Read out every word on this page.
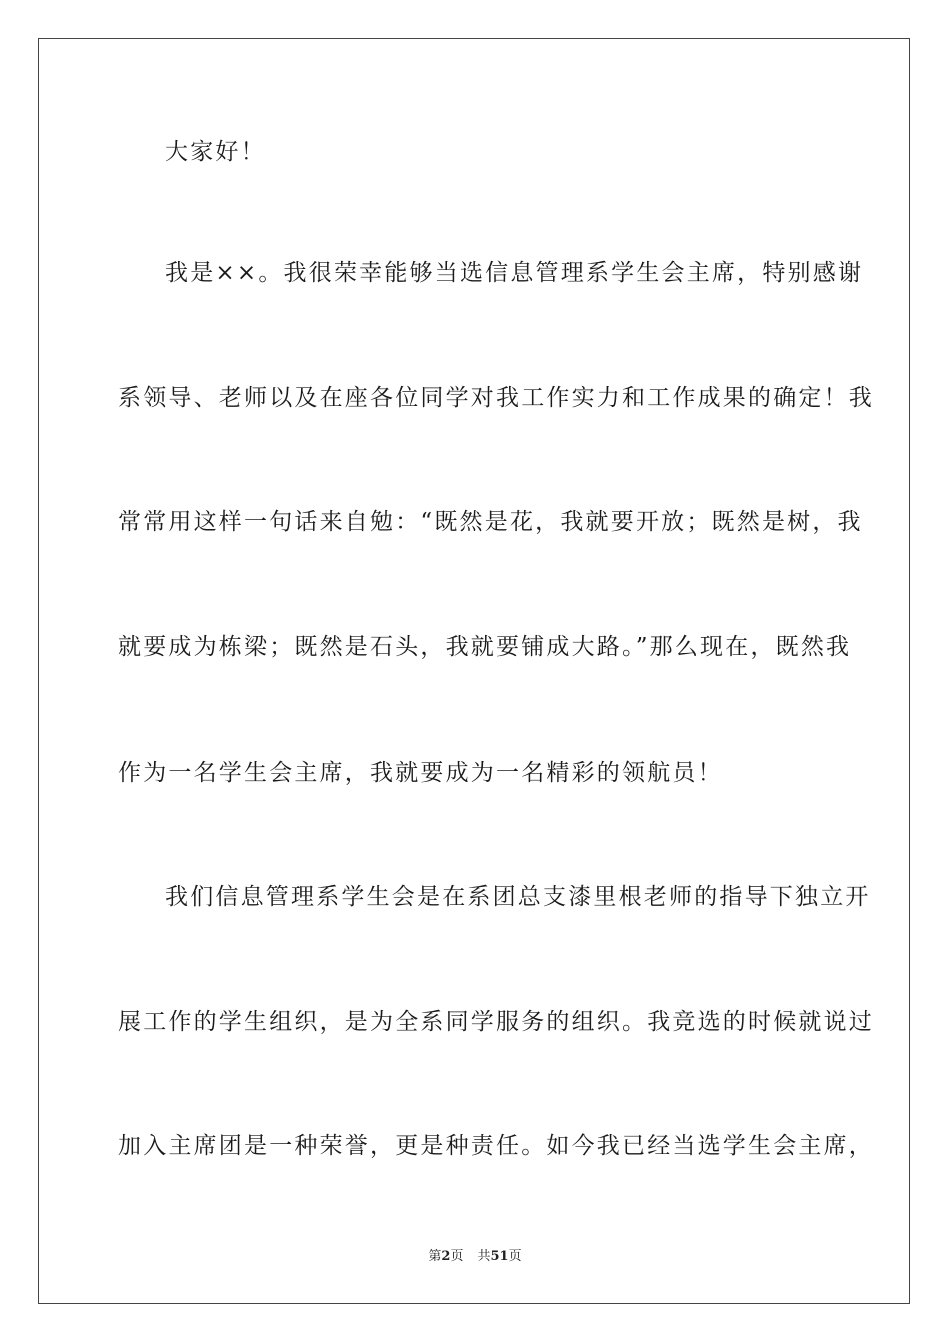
大家好！
我是××。我很荣幸能够当选信息管理系学生会主席，特别感谢
系领导、老师以及在座各位同学对我工作实力和工作成果的确定！我
常常用这样一句话来自勉：“既然是花，我就要开放；既然是树，我
就要成为栋梁；既然是石头，我就要铺成大路。”那么现在，既然我
作为一名学生会主席，我就要成为一名精彩的领航员！
我们信息管理系学生会是在系团总支漆里根老师的指导下独立开
展工作的学生组织，是为全系同学服务的组织。我竞选的时候就说过
加入主席团是一种荣誉，更是种责任。如今我已经当选学生会主席，
第2页 共51页
